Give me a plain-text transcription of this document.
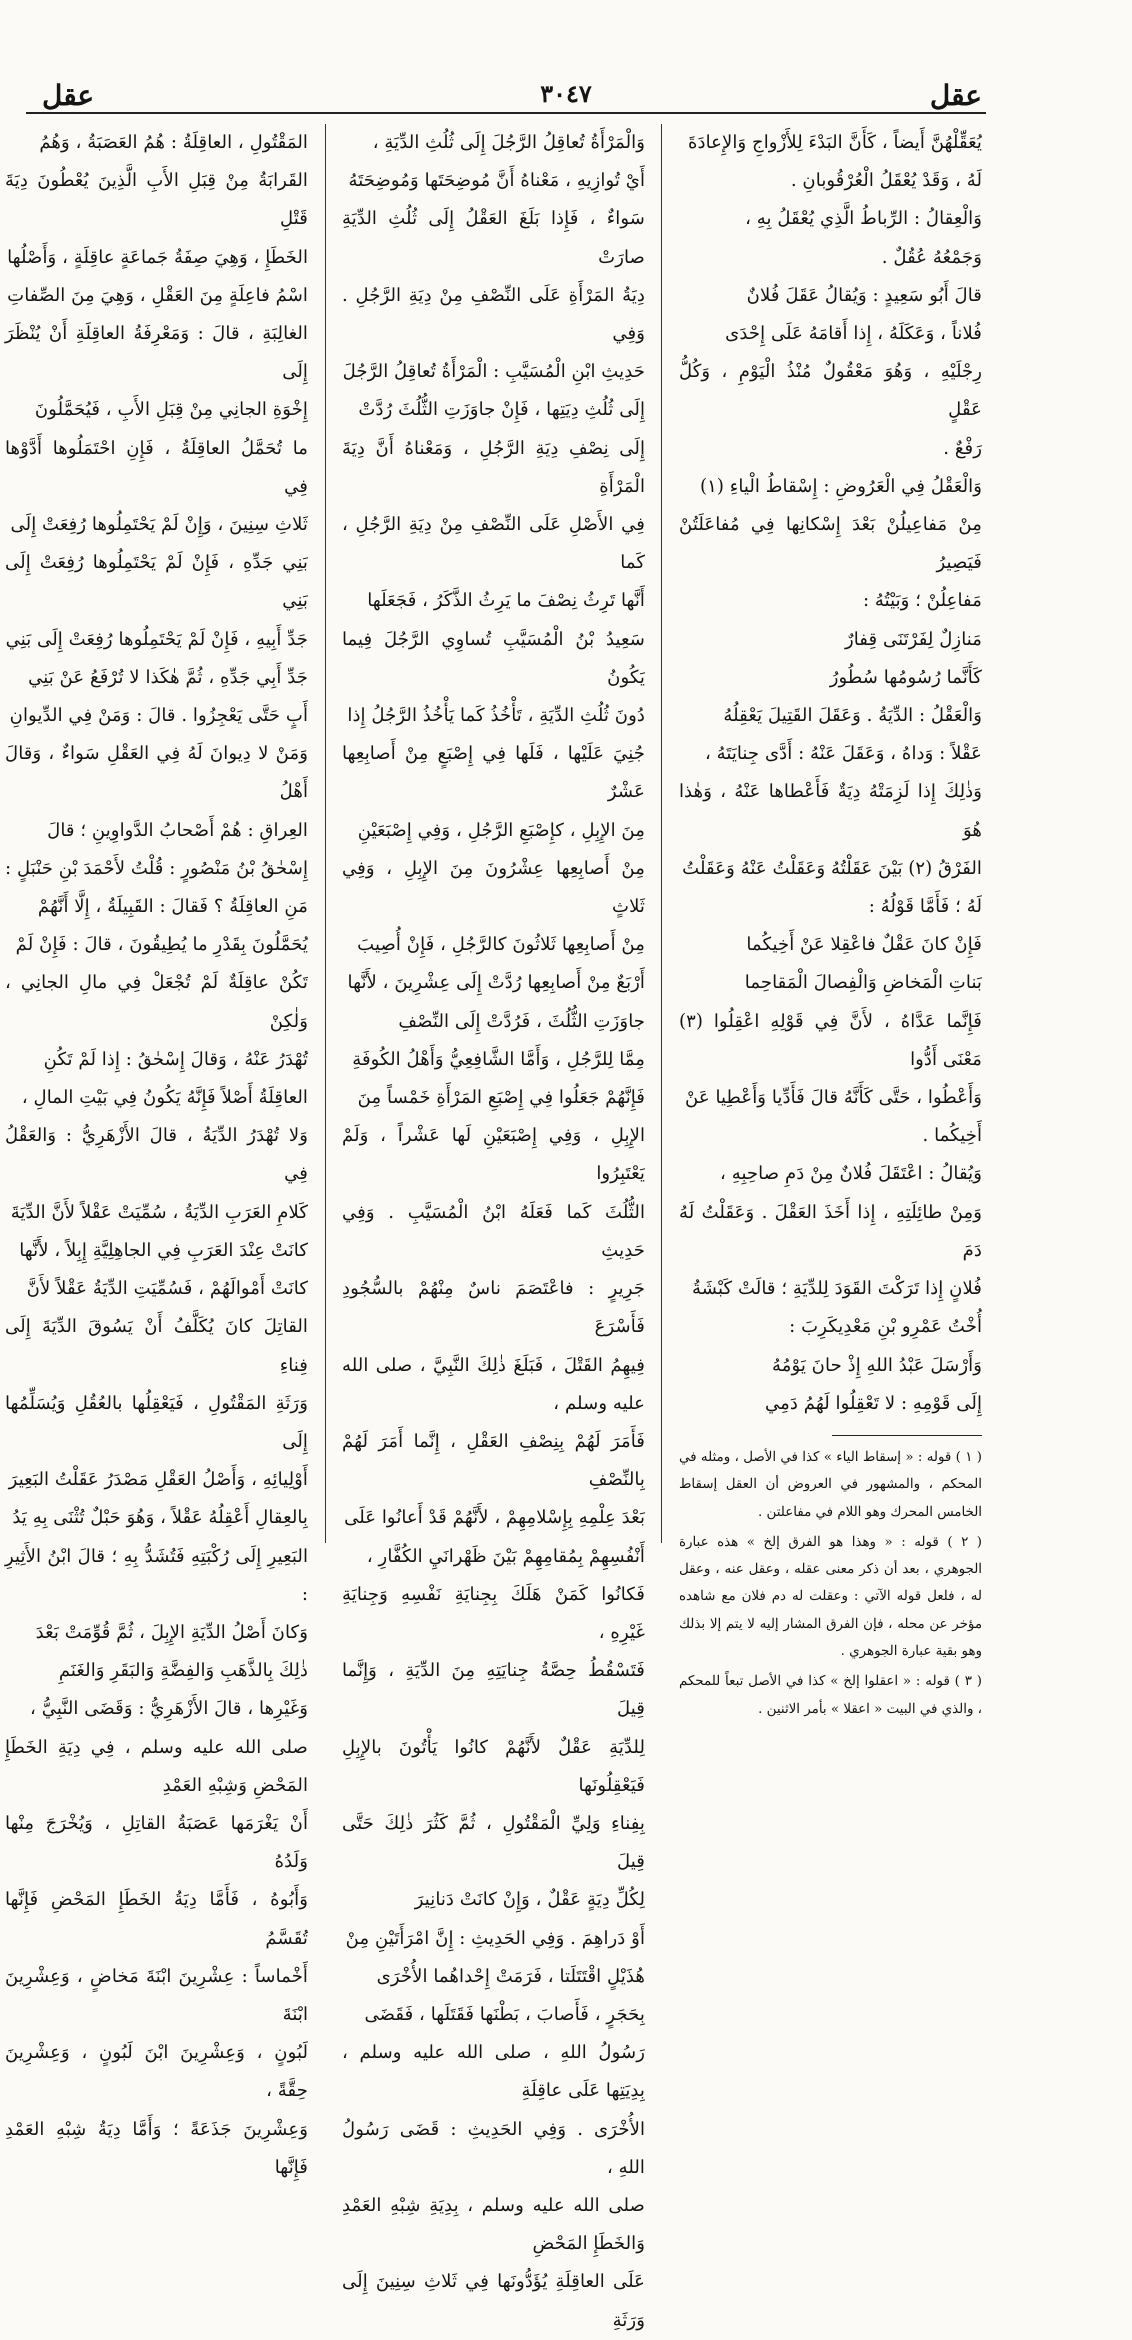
عقل
٣٠٤٧
عقل
يُعَقِّلْهُنَّ أَيضاً ، كَأَنَّ البَدْءَ لِلأَزْواجِ وَالإِعادَةَ
لَهُ ، وَقَدْ يُعْقَلُ الْعُرْقُوبانِ .
وَالْعِقالُ : الرِّباطُ الَّذِي يُعْقَلُ بِهِ ،
وَجَمْعُهُ عُقُلٌ .
قالَ أَبُو سَعِيدٍ : وَيُقالُ عَقَلَ فُلانٌ
فُلاناً ، وَعَكَلَهُ ، إِذا أَقامَهُ عَلَى إِحْدَى
رِجْلَيْهِ ، وَهُوَ مَعْقُولٌ مُنْذُ الْيَوْمِ ، وَكُلُّ عَقْلٍ
رَفْعٌ .
وَالْعَقْلُ فِي الْعَرُوضِ : إِسْقاطُ الْياءِ (١)
مِنْ مَفاعِيلُنْ بَعْدَ إِسْكانِها فِي مُفاعَلَتُنْ فَيَصِيرُ
مَفاعِلُنْ ؛ وَبَيْتُهُ :
مَنازِلٌ لِفَرْتَنَى قِفارٌ
كَأَنَّما رُسُومُها سُطُورُ
وَالْعَقْلُ : الدِّيَةُ . وَعَقَلَ القَتِيلَ يَعْقِلُهُ
عَقْلاً : وَداهُ ، وَعَقَلَ عَنْهُ : أَدَّى جِنايَتَهُ ،
وَذٰلِكَ إِذا لَزِمَتْهُ دِيَةٌ فَأَعْطاها عَنْهُ ، وَهٰذا هُوَ
الفَرْقُ (٢) بَيْنَ عَقَلْتُهُ وَعَقَلْتُ عَنْهُ وَعَقَلْتُ
لَهُ ؛ فَأَمَّا قَوْلُهُ :
فَإِنْ كانَ عَقْلٌ فاعْقِلا عَنْ أَخِيكُما
بَناتِ الْمَخاضِ وَالْفِصالَ الْمَقاحِما
فَإِنَّما عَدَّاهُ ، لأَنَّ فِي قَوْلِهِ اعْقِلُوا (٣) مَعْنَى أَدُّوا
وَأَعْطُوا ، حَتَّى كَأَنَّهُ قالَ فَأَدِّيا وَأَعْطِيا عَنْ
أَخِيكُما .
وَيُقالُ : اعْتَقَلَ فُلانٌ مِنْ دَمِ صاحِبِهِ ،
وَمِنْ طائِلَتِهِ ، إِذا أَخَذَ العَقْلَ . وَعَقَلْتُ لَهُ دَمَ
فُلانٍ إِذا تَرَكْتَ القَوَدَ لِلدِّيَةِ ؛ قالَتْ كَبْشَةُ
أُخْتُ عَمْرِو بْنِ مَعْدِيكَرِبَ :
وَأَرْسَلَ عَبْدُ اللهِ إِذْ حانَ يَوْمُهُ
إِلَى قَوْمِهِ : لا تَعْقِلُوا لَهُمُ دَمِي
( ١ ) قوله : « إسقاط الياء » كذا في الأصل ، ومثله في المحكم ، والمشهور في العروض أن العقل إسقاط الخامس المحرك وهو اللام في مفاعلتن .
( ٢ ) قوله : « وهذا هو الفرق إلخ » هذه عبارة الجوهري ، بعد أن ذكر معنى عقله ، وعقل عنه ، وعقل له ، فلعل قوله الآتي : وعقلت له دم فلان مع شاهده مؤخر عن محله ، فإن الفرق المشار إليه لا يتم إلا بذلك وهو بقية عبارة الجوهري .
( ٣ ) قوله : « اعقلوا إلخ » كذا في الأصل تبعاً للمحكم ، والذي في البيت « اعقلا » بأمر الاثنين .
وَالْمَرْأَةُ تُعاقِلُ الرَّجُلَ إِلَى ثُلُثِ الدِّيَةِ ،
أَيْ تُوازِيهِ ، مَعْناهُ أَنَّ مُوضِحَتَها وَمُوضِحَتَهُ
سَواءٌ ، فَإِذا بَلَغَ العَقْلُ إِلَى ثُلُثِ الدِّيَةِ صارَتْ
دِيَةُ المَرْأَةِ عَلَى النِّصْفِ مِنْ دِيَةِ الرَّجُلِ . وَفِي
حَدِيثِ ابْنِ الْمُسَيَّبِ : الْمَرْأَةُ تُعاقِلُ الرَّجُلَ
إِلَى ثُلُثِ دِيَتِها ، فَإِنْ جاوَزَتِ الثُّلُثَ رُدَّتْ
إِلَى نِصْفِ دِيَةِ الرَّجُلِ ، وَمَعْناهُ أَنَّ دِيَةَ الْمَرْأَةِ
فِي الأَصْلِ عَلَى النِّصْفِ مِنْ دِيَةِ الرَّجُلِ ، كَما
أَنَّها تَرِثُ نِصْفَ ما يَرِثُ الذَّكَرُ ، فَجَعَلَها
سَعِيدُ بْنُ الْمُسَيَّبِ تُساوِي الرَّجُلَ فِيما يَكُونُ
دُونَ ثُلُثِ الدِّيَةِ ، تَأْخُذُ كَما يَأْخُذُ الرَّجُلُ إِذا
جُنِيَ عَلَيْها ، فَلَها فِي إِصْبَعٍ مِنْ أَصابِعِها عَشْرٌ
مِنَ الإِبِلِ ، كإِصْبَعِ الرَّجُلِ ، وَفِي إِصْبَعَيْنِ
مِنْ أَصابِعِها عِشْرُونَ مِنَ الإِبِلِ ، وَفِي ثَلاثٍ
مِنْ أَصابِعِها ثَلاثُونَ كالرَّجُلِ ، فَإِنْ أُصِيبَ
أَرْبَعٌ مِنْ أَصابِعِها رُدَّتْ إِلَى عِشْرِينَ ، لأَنَّها
جاوَزَتِ الثُّلُثَ ، فَرُدَّتْ إِلَى النِّصْفِ
مِمَّا لِلرَّجُلِ ، وَأَمَّا الشَّافِعِيُّ وَأَهْلُ الكُوفَةِ
فَإِنَّهُمْ جَعَلُوا فِي إِصْبَعِ المَرْأَةِ خَمْساً مِنَ
الإِبِلِ ، وَفِي إِصْبَعَيْنِ لَها عَشْراً ، وَلَمْ يَعْتَبِرُوا
الثُّلُثَ كَما فَعَلَهُ ابْنُ الْمُسَيَّبِ . وَفِي حَدِيثِ
جَرِيرٍ : فاعْتَصَمَ ناسٌ مِنْهُمْ بالسُّجُودِ فَأَسْرَعَ
فِيهِمُ القَتْلَ ، فَبَلَغَ ذٰلِكَ النَّبِيَّ ، صلى الله عليه وسلم ،
فَأَمَرَ لَهُمْ بِنِصْفِ العَقْلِ ، إِنَّما أَمَرَ لَهُمْ بِالنِّصْفِ
بَعْدَ عِلْمِهِ بِإِسْلامِهِمْ ، لأَنَّهُمْ قَدْ أَعانُوا عَلَى
أَنْفُسِهِمْ بِمُقامِهِمْ بَيْنَ ظَهْرانَيِ الكُفَّارِ ،
فَكانُوا كَمَنْ هَلَكَ بِجِنايَةِ نَفْسِهِ وَجِنايَةِ غَيْرِهِ ،
فَتَسْقُطُ حِصَّةُ جِنايَتِهِ مِنَ الدِّيَةِ ، وَإِنَّما قِيلَ
لِلدِّيَةِ عَقْلٌ لأَنَّهُمْ كانُوا يَأْتُونَ بالإِبِلِ فَيَعْقِلُونَها
بِفِناءِ وَلِيِّ الْمَقْتُولِ ، ثُمَّ كَثُرَ ذٰلِكَ حَتَّى قِيلَ
لِكُلِّ دِيَةٍ عَقْلٌ ، وَإِنْ كانَتْ دَنانِيرَ
أَوْ دَراهِمَ . وَفِي الحَدِيثِ : إِنَّ امْرَأَتَيْنِ مِنْ
هُذَيْلٍ اقْتَتَلَتا ، فَرَمَتْ إِحْداهُما الأُخْرَى
بِحَجَرٍ ، فَأَصابَ ، بَطْنَها فَقَتَلَها ، فَقَضَى
رَسُولُ اللهِ ، صلى الله عليه وسلم ، بِدِيَتِها عَلَى عاقِلَةِ
الأُخْرَى . وَفِي الحَدِيثِ : قَضَى رَسُولُ اللهِ ،
صلى الله عليه وسلم ، بِدِيَةِ شِبْهِ العَمْدِ وَالخَطَإِ المَحْضِ
عَلَى العاقِلَةِ يُؤَدُّونَها فِي ثَلاثِ سِنِينَ إِلَى وَرَثَةِ
المَقْتُولِ ، العاقِلَةُ : هُمُ العَصَبَةُ ، وَهُمُ
القَرابَةُ مِنْ قِبَلِ الأَبِ الَّذِينَ يُعْطُونَ دِيَةَ قَتْلِ
الخَطَإِ ، وَهِيَ صِفَةُ جَماعَةٍ عاقِلَةٍ ، وَأَصْلُها
اسْمُ فاعِلَةٍ مِنَ العَقْلِ ، وَهِيَ مِنَ الصِّفاتِ
الغالِبَةِ ، قالَ : وَمَعْرِفَةُ العاقِلَةِ أَنْ يُنْظَرَ إِلَى
إِخْوَةِ الجانِي مِنْ قِبَلِ الأَبِ ، فَيُحَمَّلُونَ
ما تُحَمَّلُ العاقِلَةُ ، فَإِنِ احْتَمَلُوها أَدَّوْها فِي
ثَلاثِ سِنِينَ ، وَإِنْ لَمْ يَحْتَمِلُوها رُفِعَتْ إِلَى
بَنِي جَدِّهِ ، فَإِنْ لَمْ يَحْتَمِلُوها رُفِعَتْ إِلَى بَنِي
جَدِّ أَبِيهِ ، فَإِنْ لَمْ يَحْتَمِلُوها رُفِعَتْ إِلَى بَنِي
جَدِّ أَبِي جَدِّهِ ، ثُمَّ هٰكَذا لا تُرْفَعُ عَنْ بَنِي
أَبٍ حَتَّى يَعْجِزُوا . قالَ : وَمَنْ فِي الدِّيوانِ
وَمَنْ لا دِيوانَ لَهُ فِي العَقْلِ سَواءٌ ، وَقالَ أَهْلُ
العِراقِ : هُمْ أَصْحابُ الدَّواوِينِ ؛ قالَ
إِسْحٰقُ بْنُ مَنْصُورٍ : قُلْتُ لأَحْمَدَ بْنِ حَنْبَلٍ :
مَنِ العاقِلَةُ ؟ فَقالَ : القَبِيلَةُ ، إِلَّا أَنَّهُمْ
يُحَمَّلُونَ بِقَدْرِ ما يُطِيقُونَ ، قالَ : فَإِنْ لَمْ
تَكُنْ عاقِلَةٌ لَمْ تُجْعَلْ فِي مالِ الجانِي ، وَلٰكِنْ
تُهْدَرُ عَنْهُ ، وَقالَ إِسْحٰقُ : إِذا لَمْ تَكُنِ
العاقِلَةُ أَصْلاً فَإِنَّهُ يَكُونُ فِي بَيْتِ المالِ ،
وَلا تُهْدَرُ الدِّيَةُ ، قالَ الأَزْهَرِيُّ : وَالعَقْلُ فِي
كَلامِ العَرَبِ الدِّيَةُ ، سُمِّيَتْ عَقْلاً لأَنَّ الدِّيَةَ
كانَتْ عِنْدَ العَرَبِ فِي الجاهِلِيَّةِ إِبِلاً ، لأَنَّها
كانَتْ أَمْوالَهُمْ ، فَسُمِّيَتِ الدِّيَةُ عَقْلاً لأَنَّ
القاتِلَ كانَ يُكَلَّفُ أَنْ يَسُوقَ الدِّيَةَ إِلَى فِناءِ
وَرَثَةِ المَقْتُولِ ، فَيَعْقِلُها بالعُقُلِ وَيُسَلِّمُها إِلَى
أَوْلِيائِهِ ، وَأَصْلُ العَقْلِ مَصْدَرُ عَقَلْتُ البَعِيرَ
بِالعِقالِ أَعْقِلُهُ عَقْلاً ، وَهُوَ حَبْلٌ تُثْنَى بِهِ يَدُ
البَعِيرِ إِلَى رُكْبَتِهِ فَتُشَدُّ بِهِ ؛ قالَ ابْنُ الأَثِيرِ :
وَكانَ أَصْلُ الدِّيَةِ الإِبِلَ ، ثُمَّ قُوِّمَتْ بَعْدَ
ذٰلِكَ بِالذَّهَبِ وَالفِضَّةِ وَالبَقَرِ وَالغَنَمِ
وَغَيْرِها ، قالَ الأَزْهَرِيُّ : وَقَضَى النَّبِيُّ ،
صلى الله عليه وسلم ، فِي دِيَةِ الخَطَإِ المَحْضِ وَشِبْهِ العَمْدِ
أَنْ يَغْرَمَها عَصَبَةُ القاتِلِ ، وَيُخْرَجَ مِنْها وَلَدُهُ
وَأَبُوهُ ، فَأَمَّا دِيَةُ الخَطَإِ المَحْضِ فَإِنَّها تُقَسَّمُ
أَخْماساً : عِشْرِينَ ابْنَةَ مَخاضٍ ، وَعِشْرِينَ ابْنَةَ
لَبُونٍ ، وَعِشْرِينَ ابْنَ لَبُونٍ ، وَعِشْرِينَ حِقَّةً ،
وَعِشْرِينَ جَذَعَةً ؛ وَأَمَّا دِيَةُ شِبْهِ العَمْدِ فَإِنَّها
